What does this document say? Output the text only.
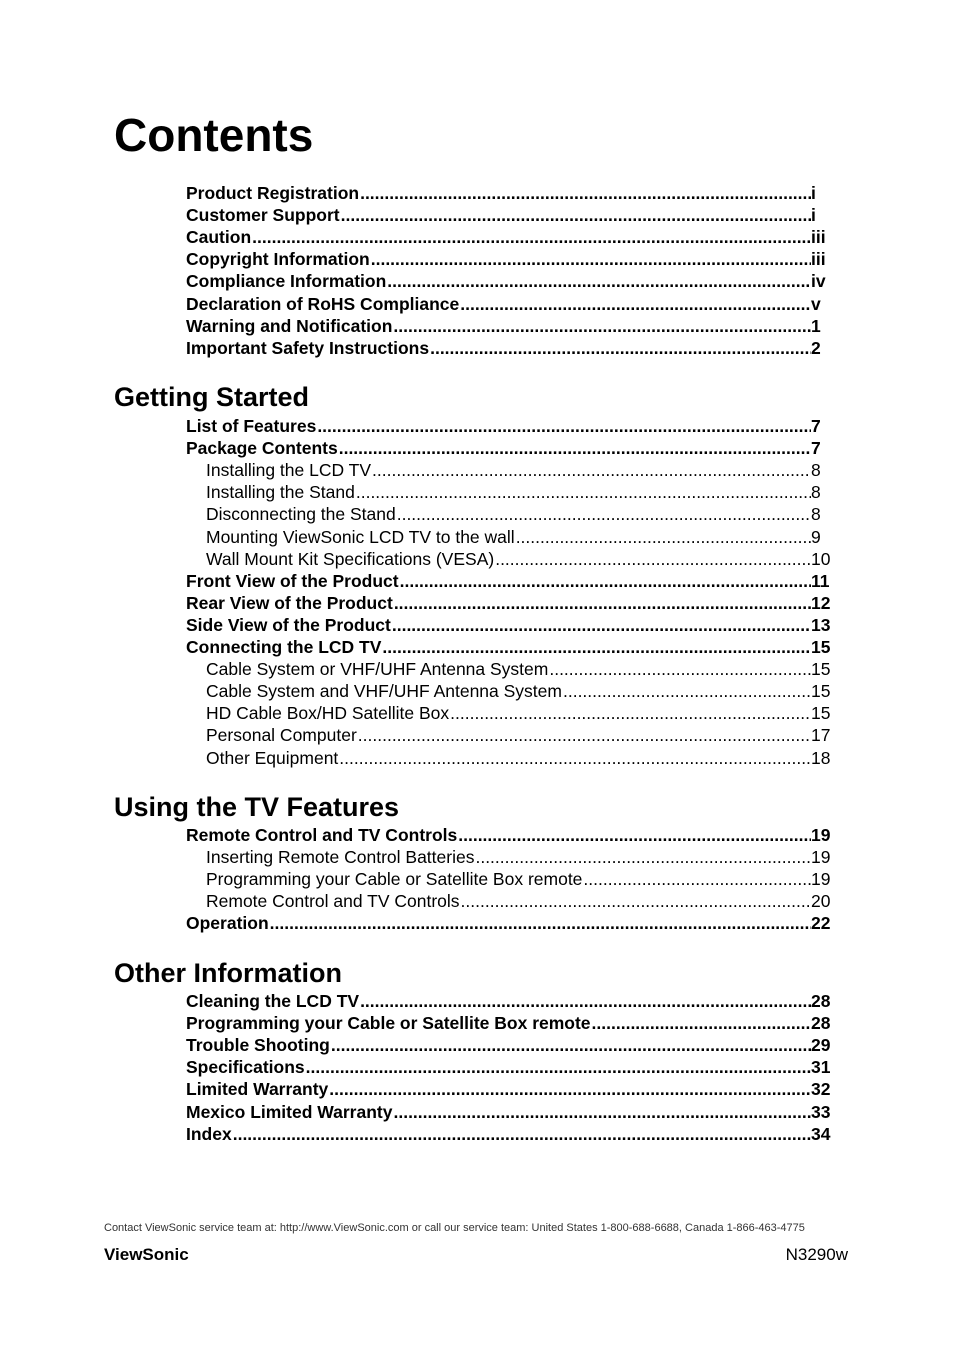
Contents
Product Registration .....	i
Customer Support .....	i
Caution .....	iii
Copyright Information .....	iii
Compliance Information .....	iv
Declaration of RoHS Compliance .....	v
Warning and Notification .....	1
Important Safety Instructions .....	2
Getting Started
List of Features .....	7
Package Contents .....	7
Installing the LCD TV .....	8
Installing the Stand .....	8
Disconnecting the Stand .....	8
Mounting ViewSonic LCD TV to the wall .....	9
Wall Mount Kit Specifications (VESA) .....	10
Front View of the Product .....	11
Rear View of the Product .....	12
Side View of the Product .....	13
Connecting the LCD TV .....	15
Cable System or VHF/UHF Antenna System .....	15
Cable System and VHF/UHF Antenna System .....	15
HD Cable Box/HD Satellite Box .....	15
Personal Computer .....	17
Other Equipment .....	18
Using the TV Features
Remote Control and TV Controls .....	19
Inserting Remote Control Batteries .....	19
Programming your Cable or Satellite Box remote .....	19
Remote Control and TV Controls .....	20
Operation .....	22
Other Information
Cleaning the LCD TV .....	28
Programming your Cable or Satellite Box remote .....	28
Trouble Shooting .....	29
Specifications .....	31
Limited Warranty .....	32
Mexico Limited Warranty .....	33
Index .....	34
Contact ViewSonic service team at: http://www.ViewSonic.com or call our service team: United States 1-800-688-6688, Canada 1-866-463-4775
ViewSonic	N3290w
